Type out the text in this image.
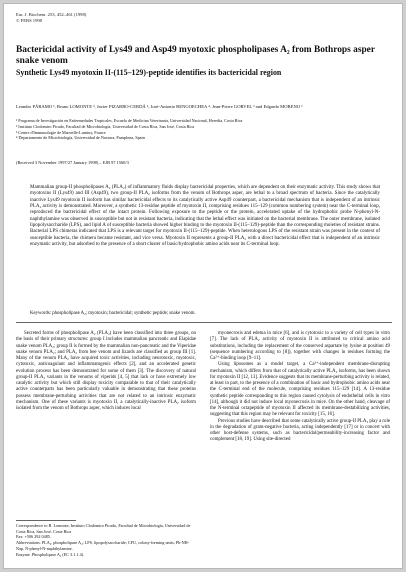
Eur. J. Biochem. 253, 452–461 (1998)
© FEBS 1998
Bactericidal activity of Lys49 and Asp49 myotoxic phospholipases A₂ from Bothrops asper snake venom
Synthetic Lys49 myotoxin II-(115–129)-peptide identifies its bactericidal region
Leandro PÁRAMO ¹, Bruno LOMONTE ², Javier PIZARRO-CERDÁ ³, José-Antonio BENGOECHEA ⁴, Jean-Pierre GORVEL ³ and Edgardo MORENO ¹
¹ Programa de Investigación en Enfermedades Tropicales, Escuela de Medicina Veterinaria, Universidad Nacional, Heredia, Costa Rica
² Instituto Clodomiro Picado, Facultad de Microbiología, Universidad de Costa Rica, San José, Costa Rica
³ Centre d'Immunologie de Marseille-Luminy, France
⁴ Departamento de Microbiología, Universidad de Navarra, Pamplona, Spain
(Received 3 November 1997/27 January 1998) – EJB 97 1560/3
Mammalian group-II phospholipases A₂ (PLA₂) of inflammatory fluids display bactericidal properties, which are dependent on their enzymatic activity. This study shows that myotoxins II (Lys49) and III (Asp49), two group-II PLA₂ isoforms from the venom of Bothrops asper, are lethal to a broad spectrum of bacteria. Since the catalytically inactive Lys49 myotoxin II isoform has similar bactericidal effects to its catalytically active Asp49 counterpart, a bactericidal mechanism that is independent of an intrinsic PLA₂ activity is demonstrated. Moreover, a synthetic 13-residue peptide of myotoxin II, comprising residues 115–129 (common numbering system) near the C-terminal loop, reproduced the bactericidal effect of the intact protein. Following exposure to the peptide or the protein, accelerated uptake of the hydrophobic probe N-phenyl-N-naphthylamine was observed in susceptible but not in resistant bacteria, indicating that the lethal effect was initiated on the bacterial membrane. The outer membrane, isolated lipopolysaccharide (LPS), and lipid A of susceptible bacteria showed higher binding to the myotoxin II-(115–129)-peptide than the corresponding moieties of resistant strains. Bacterial LPS chimeras indicated that LPS is a relevant target for myotoxin II-(115–129)-peptide. When heterologous LPS of the resistant strain was present in the context of susceptible bacteria, the chimera became resistant, and vice versa. Myotoxin II represents a group-II PLA₂ with a direct bactericidal effect that is independent of an intrinsic enzymatic activity, but adsorbed to the presence of a short cluster of basic/hydrophobic amino acids near its C-terminal loop.
Keywords: phospholipase A₂; myotoxin; bactericidal; synthetic peptide; snake venom.

Secreted forms of phospholipase A₂ (PLA₂) have been classified into three groups, on the basis of their primary structures: group I includes mammalian pancreatic and Elapidae snake venom PLA₂; group II is formed by the mammalian non-pancreatic and the Viperidae snake venom PLA₂; and PLA₂ from bee venom and lizards are classified as group III [1]. Many of the venom PLA₂ have acquired toxic activities, including neurotoxic, myotoxic, cytotoxic, anticoagulant and inflammatogenic effects [2], and an accelerated genetic evolution process has been demonstrated for some of them [3]. The discovery of natural group-II PLA₂ variants in the venoms of viperids [4, 5] that lack or have extremely low catalytic activity but which still display toxicity comparable to that of their catalytically active counterparts has been particularly valuable in demonstrating that these proteins possess membrane-perturbing activities that are not related to an intrinsic enzymatic mechanism. One of these variants is myotoxin II, a catalytically-inactive PLA₂ isoform isolated from the venom of Bothrops asper, which induces local

myonecrosis and edema in mice [6], and is cytotoxic to a variety of cell types in vitro [7]. The lack of PLA₂ activity of myotoxin II is attributed to critical amino acid substitutions, including the replacement of the conserved aspartate by lysine at position 49 (sequence numbering according to [8]), together with changes in residues forming the Ca²⁺-binding loop [9–11].

Using liposomes as a model target, a Ca²⁺-independent membrane-disrupting mechanism, which differs from that of catalytically active PLA₂ isoforms, has been shown for myotoxin II [12, 13]. Evidence suggests that its membrane-perturbing activity is related, at least in part, to the presence of a combination of basic and hydrophobic amino acids near the C-terminal end of the molecule, comprising residues 115–129 [14]. A 13-residue synthetic peptide corresponding to this region caused cytolysis of endothelial cells in vitro [14], although it did not induce local myonecrosis in mice. On the other hand, cleavage of the N-terminal octapeptide of myotoxin II affected its membrane-destabilizing activities, suggesting that this region may be relevant for toxicity [15, 16].

Previous studies have described that some catalytically active group-II PLA₂ play a role in the degradation of gram-negative bacteria, acting independently [17] or in concert with other host-defense systems, such as bactericidal/permeability-increasing factor and complement [18, 19]. Using site-directed

Correspondence to B. Lomonte, Instituto Clodomiro Picado, Facultad de Microbiología, Universidad de Costa Rica, San José, Costa Rica
Fax: +506 292 0485.
Abbreviations. PLA₂, phospholipase A₂; LPS, lipopolysaccharide; CFU, colony-forming units; Ph-NH-Nap, N-phenyl-N-naphthylamine.
Enzyme. Phospholipase A₂ (EC 3.1.1.4).
